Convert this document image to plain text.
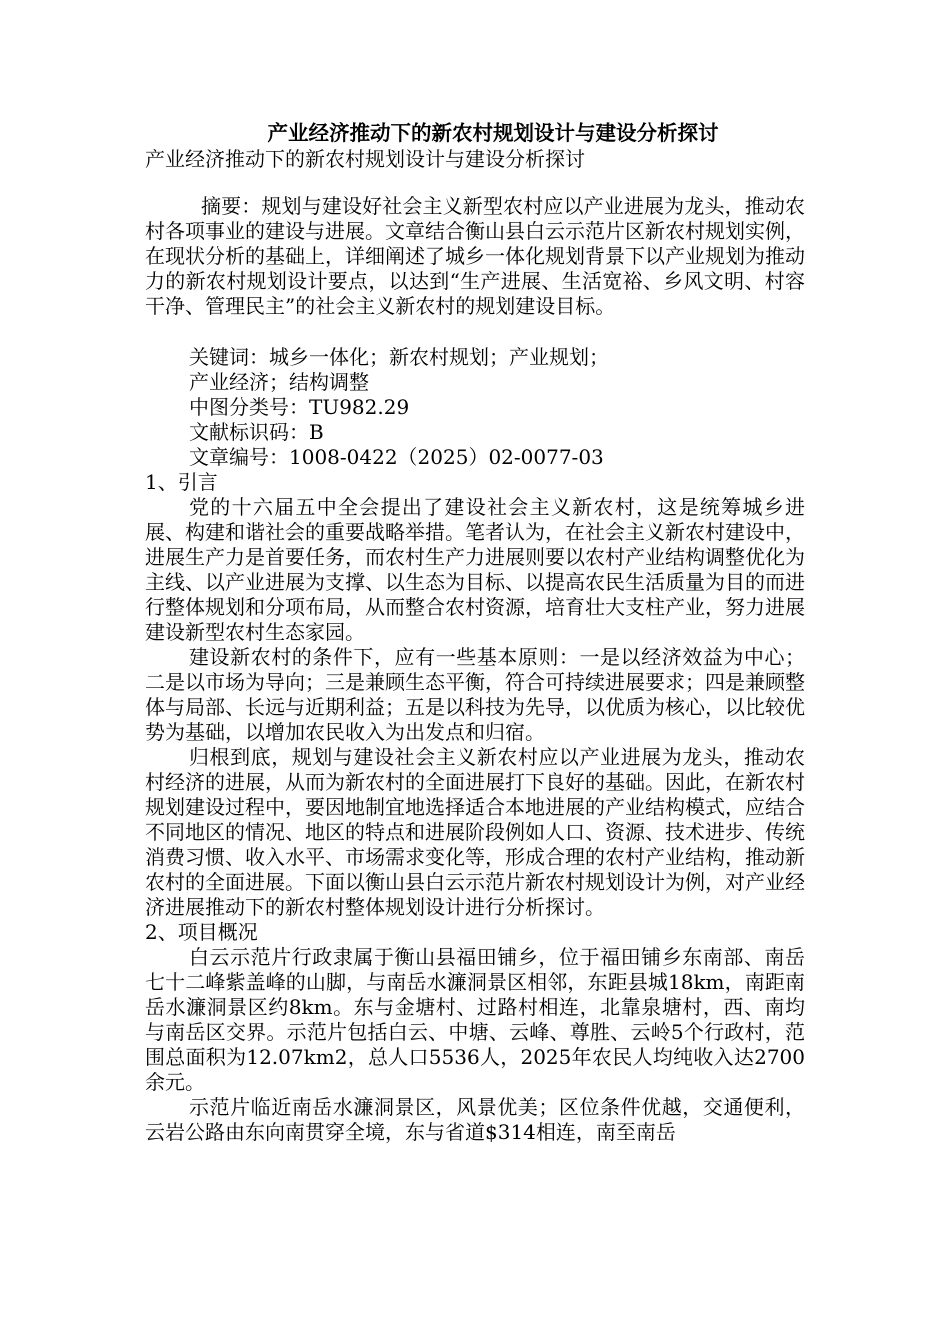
产业经济推动下的新农村规划设计与建设分析探讨

产业经济推动下的新农村规划设计与建设分析探讨

摘要：规划与建设好社会主义新型农村应以产业进展为龙头，推动农村各项事业的建设与进展。文章结合衡山县白云示范片区新农村规划实例，在现状分析的基础上，详细阐述了城乡一体化规划背景下以产业规划为推动力的新农村规划设计要点，以达到“生产进展、生活宽裕、乡风文明、村容干净、管理民主”的社会主义新农村的规划建设目标。

关键词：城乡一体化；新农村规划；产业规划；
产业经济；结构调整
中图分类号：TU982.29
文献标识码：B
文章编号：1008-0422（2025）02-0077-03

1、引言

党的十六届五中全会提出了建设社会主义新农村，这是统筹城乡进展、构建和谐社会的重要战略举措。笔者认为，在社会主义新农村建设中，进展生产力是首要任务，而农村生产力进展则要以农村产业结构调整优化为主线、以产业进展为支撑、以生态为目标、以提高农民生活质量为目的而进行整体规划和分项布局，从而整合农村资源，培育壮大支柱产业，努力进展建设新型农村生态家园。

建设新农村的条件下，应有一些基本原则：一是以经济效益为中心；二是以市场为导向；三是兼顾生态平衡，符合可持续进展要求；四是兼顾整体与局部、长远与近期利益；五是以科技为先导，以优质为核心，以比较优势为基础，以增加农民收入为出发点和归宿。

归根到底，规划与建设社会主义新农村应以产业进展为龙头，推动农村经济的进展，从而为新农村的全面进展打下良好的基础。因此，在新农村规划建设过程中，要因地制宜地选择适合本地进展的产业结构模式，应结合不同地区的情况、地区的特点和进展阶段例如人口、资源、技术进步、传统消费习惯、收入水平、市场需求变化等，形成合理的农村产业结构，推动新农村的全面进展。下面以衡山县白云示范片新农村规划设计为例，对产业经济进展推动下的新农村整体规划设计进行分析探讨。

2、项目概况

白云示范片行政隶属于衡山县福田铺乡，位于福田铺乡东南部、南岳七十二峰紫盖峰的山脚，与南岳水濂洞景区相邻，东距县城18km，南距南岳水濂洞景区约8km。东与金塘村、过路村相连，北靠泉塘村，西、南均与南岳区交界。示范片包括白云、中塘、云峰、尊胜、云岭5个行政村，范围总面积为12.07km2，总人口5536人，2025年农民人均纯收入达2700余元。

示范片临近南岳水濂洞景区，风景优美；区位条件优越，交通便利，云岩公路由东向南贯穿全境，东与省道$314相连，南至南岳
